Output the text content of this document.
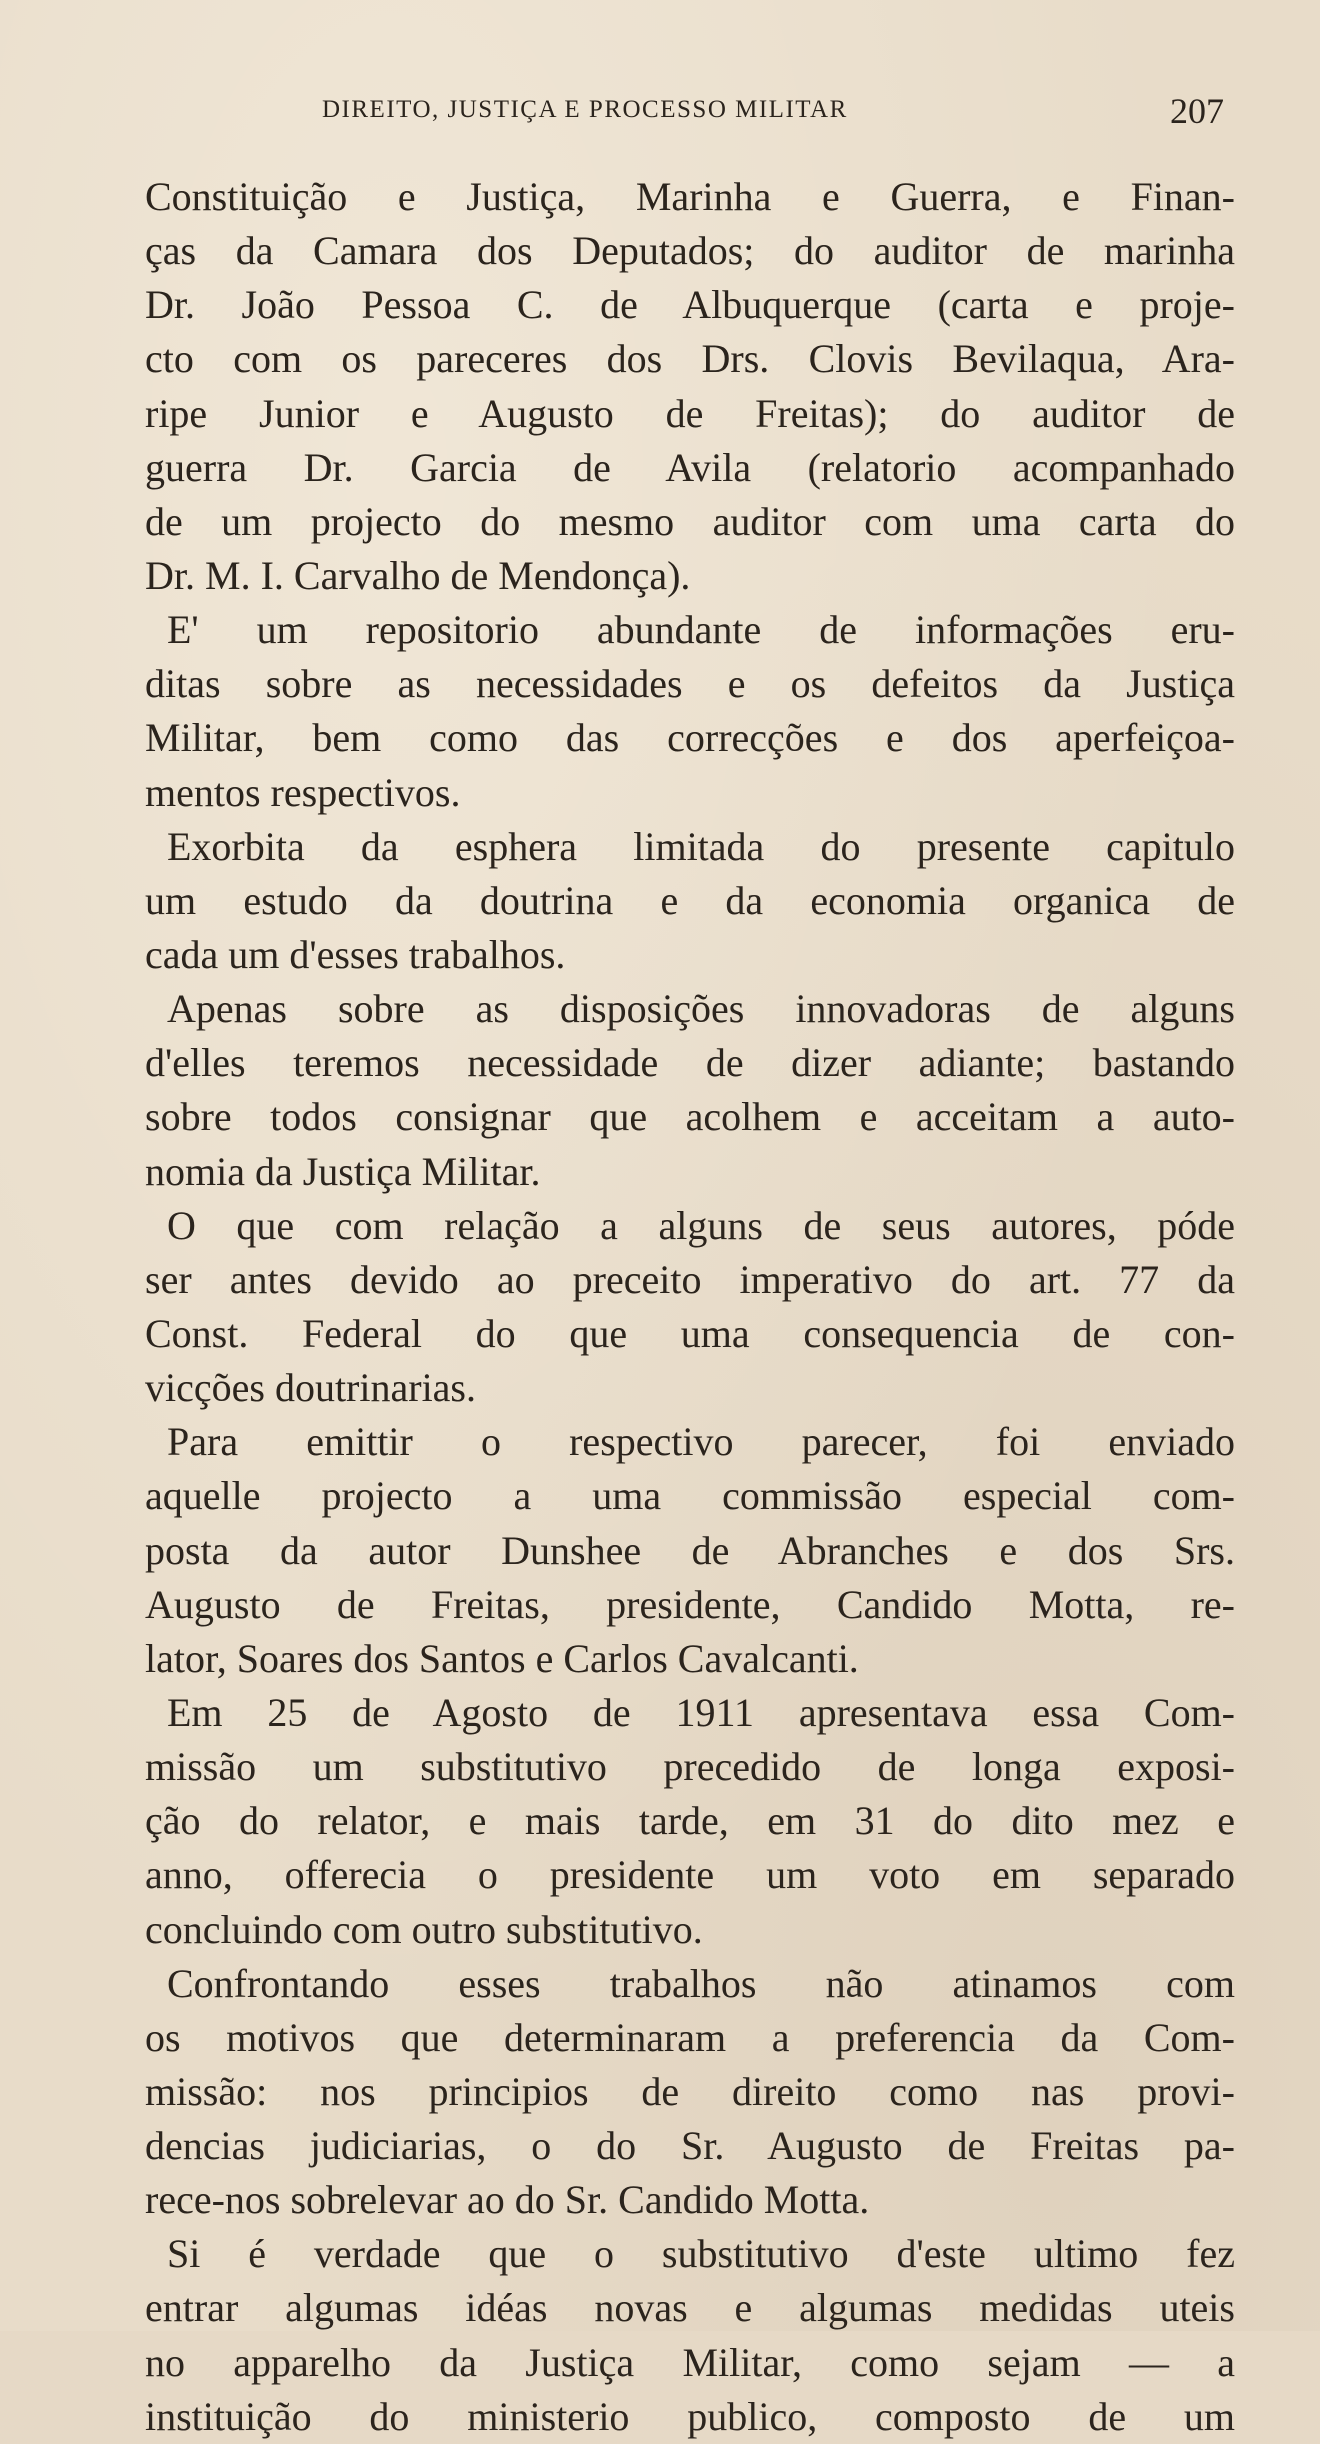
DIREITO, JUSTIÇA E PROCESSO MILITAR	207
Constituição e Justiça, Marinha e Guerra, e Finan-
ças da Camara dos Deputados; do auditor de marinha
Dr. João Pessoa C. de Albuquerque (carta e proje-
cto com os pareceres dos Drs. Clovis Bevilaqua, Ara-
ripe Junior e Augusto de Freitas); do auditor de
guerra Dr. Garcia de Avila (relatorio acompanhado
de um projecto do mesmo auditor com uma carta do
Dr. M. I. Carvalho de Mendonça).
E' um repositorio abundante de informações eru-
ditas sobre as necessidades e os defeitos da Justiça
Militar, bem como das correcções e dos aperfeiçoa-
mentos respectivos.
Exorbita da esphera limitada do presente capitulo
um estudo da doutrina e da economia organica de
cada um d'esses trabalhos.
Apenas sobre as disposições innovadoras de alguns
d'elles teremos necessidade de dizer adiante; bastando
sobre todos consignar que acolhem e acceitam a auto-
nomia da Justiça Militar.
O que com relação a alguns de seus autores, póde
ser antes devido ao preceito imperativo do art. 77 da
Const. Federal do que uma consequencia de con-
vicções doutrinarias.
Para emittir o respectivo parecer, foi enviado
aquelle projecto a uma commissão especial com-
posta da autor Dunshee de Abranches e dos Srs.
Augusto de Freitas, presidente, Candido Motta, re-
lator, Soares dos Santos e Carlos Cavalcanti.
Em 25 de Agosto de 1911 apresentava essa Com-
missão um substitutivo precedido de longa exposi-
ção do relator, e mais tarde, em 31 do dito mez e
anno, offerecia o presidente um voto em separado
concluindo com outro substitutivo.
Confrontando esses trabalhos não atinamos com
os motivos que determinaram a preferencia da Com-
missão: nos principios de direito como nas provi-
dencias judiciarias, o do Sr. Augusto de Freitas pa-
rece-nos sobrelevar ao do Sr. Candido Motta.
Si é verdade que o substitutivo d'este ultimo fez
entrar algumas idéas novas e algumas medidas uteis
no apparelho da Justiça Militar, como sejam — a
instituição do ministerio publico, composto de um
